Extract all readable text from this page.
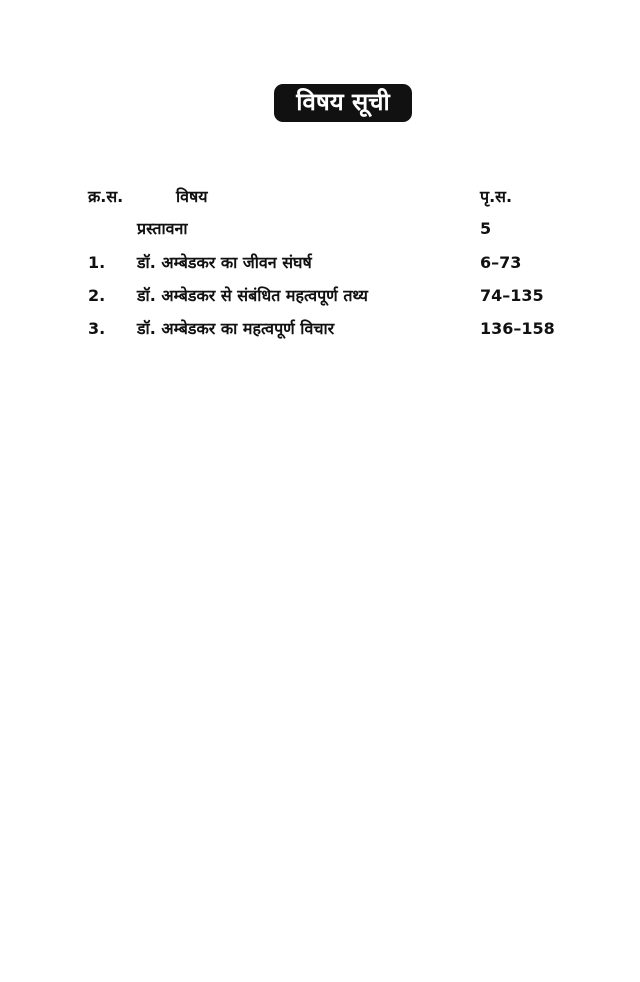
विषय सूची
क्र.स.	विषय	पृ.स.
प्रस्तावना	5
1. डॉ. अम्बेडकर का जीवन संघर्ष	6–73
2. डॉ. अम्बेडकर से संबंधित महत्वपूर्ण तथ्य	74–135
3. डॉ. अम्बेडकर का महत्वपूर्ण विचार	136–158
